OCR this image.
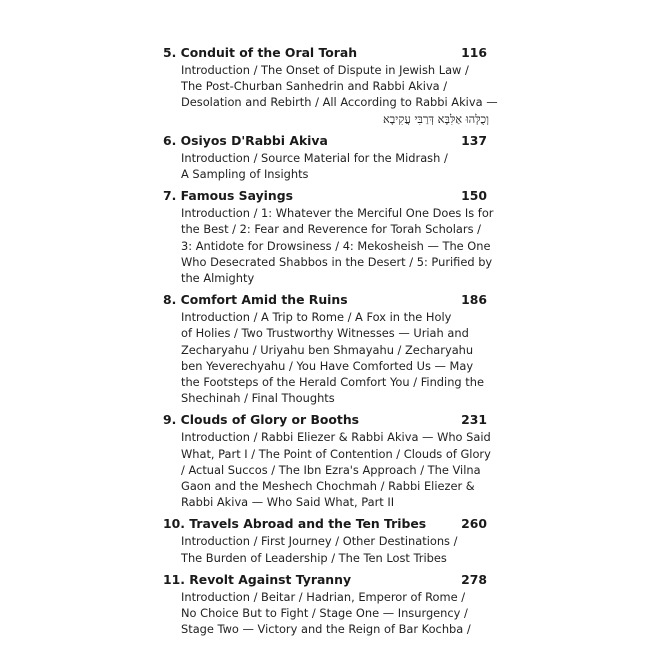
5. Conduit of the Oral Torah	116
Introduction / The Onset of Dispute in Jewish Law /
The Post-Churban Sanhedrin and Rabbi Akiva /
Desolation and Rebirth / All According to Rabbi Akiva —
וְכֻלְּהוּ אַלִּבָּא דְּרַבִּי עֲקִיבָא
6. Osiyos D'Rabbi Akiva	137
Introduction / Source Material for the Midrash /
A Sampling of Insights
7. Famous Sayings	150
Introduction / 1: Whatever the Merciful One Does Is for
the Best / 2: Fear and Reverence for Torah Scholars /
3: Antidote for Drowsiness / 4: Mekosheish — The One
Who Desecrated Shabbos in the Desert / 5: Purified by
the Almighty
8. Comfort Amid the Ruins	186
Introduction / A Trip to Rome / A Fox in the Holy
of Holies / Two Trustworthy Witnesses — Uriah and
Zecharyahu / Uriyahu ben Shmayahu / Zecharyahu
ben Yeverechyahu / You Have Comforted Us — May
the Footsteps of the Herald Comfort You / Finding the
Shechinah / Final Thoughts
9. Clouds of Glory or Booths	231
Introduction / Rabbi Eliezer & Rabbi Akiva — Who Said
What, Part I / The Point of Contention / Clouds of Glory
/ Actual Succos / The Ibn Ezra's Approach / The Vilna
Gaon and the Meshech Chochmah / Rabbi Eliezer &
Rabbi Akiva — Who Said What, Part II
10. Travels Abroad and the Ten Tribes	260
Introduction / First Journey / Other Destinations /
The Burden of Leadership / The Ten Lost Tribes
11. Revolt Against Tyranny	278
Introduction / Beitar / Hadrian, Emperor of Rome /
No Choice But to Fight / Stage One — Insurgency /
Stage Two — Victory and the Reign of Bar Kochba /
